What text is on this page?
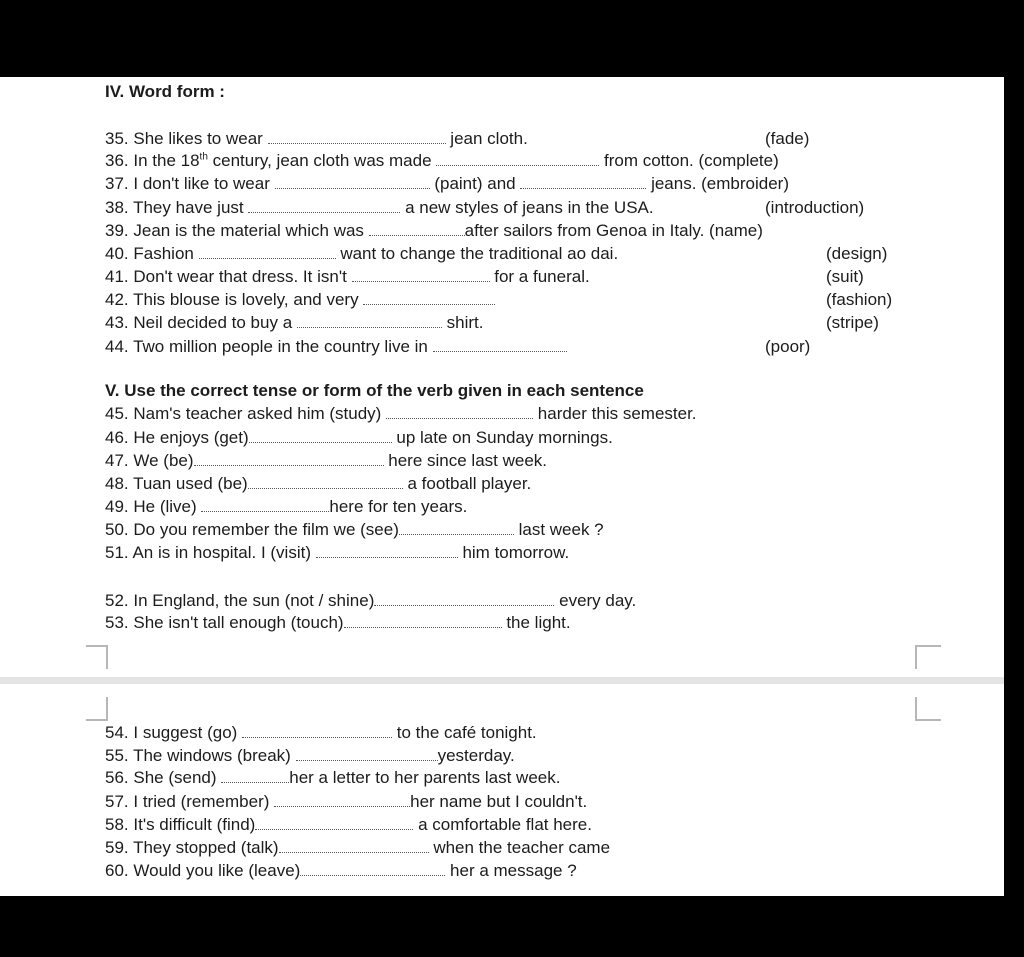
IV. Word form :
35. She likes to wear	jean cloth.	(fade)
36. In the 18th century, jean cloth was made	from cotton. (complete)
37. I don't like to wear	(paint) and	jeans. (embroider)
38. They have just	a new styles of jeans in the USA.	(introduction)
39. Jean is the material which was	after sailors from Genoa in Italy. (name)
40. Fashion	want to change the traditional ao dai.	(design)
41. Don't wear that dress. It isn't	for a funeral.	(suit)
42. This blouse is lovely, and very	(fashion)
43. Neil decided to buy a	shirt.	(stripe)
44. Two million people in the country live in	(poor)
V. Use the correct tense or form of the verb given in each sentence
45. Nam's teacher asked him (study)	harder this semester.
46. He enjoys (get)	up late on Sunday mornings.
47. We (be)	here since last week.
48. Tuan used (be)	a football player.
49. He (live)	here for ten years.
50. Do you remember the film we (see)	last week ?
51. An is in hospital. I (visit)	him tomorrow.
52. In England, the sun (not / shine)	every day.
53. She isn't tall enough (touch)	the light.
54. I suggest (go)	to the café tonight.
55. The windows (break)	yesterday.
56. She (send)	her a letter to her parents last week.
57. I tried (remember)	her name but I couldn't.
58. It's difficult (find)	a comfortable flat here.
59. They stopped (talk)	when the teacher came
60. Would you like (leave)	her a message ?
